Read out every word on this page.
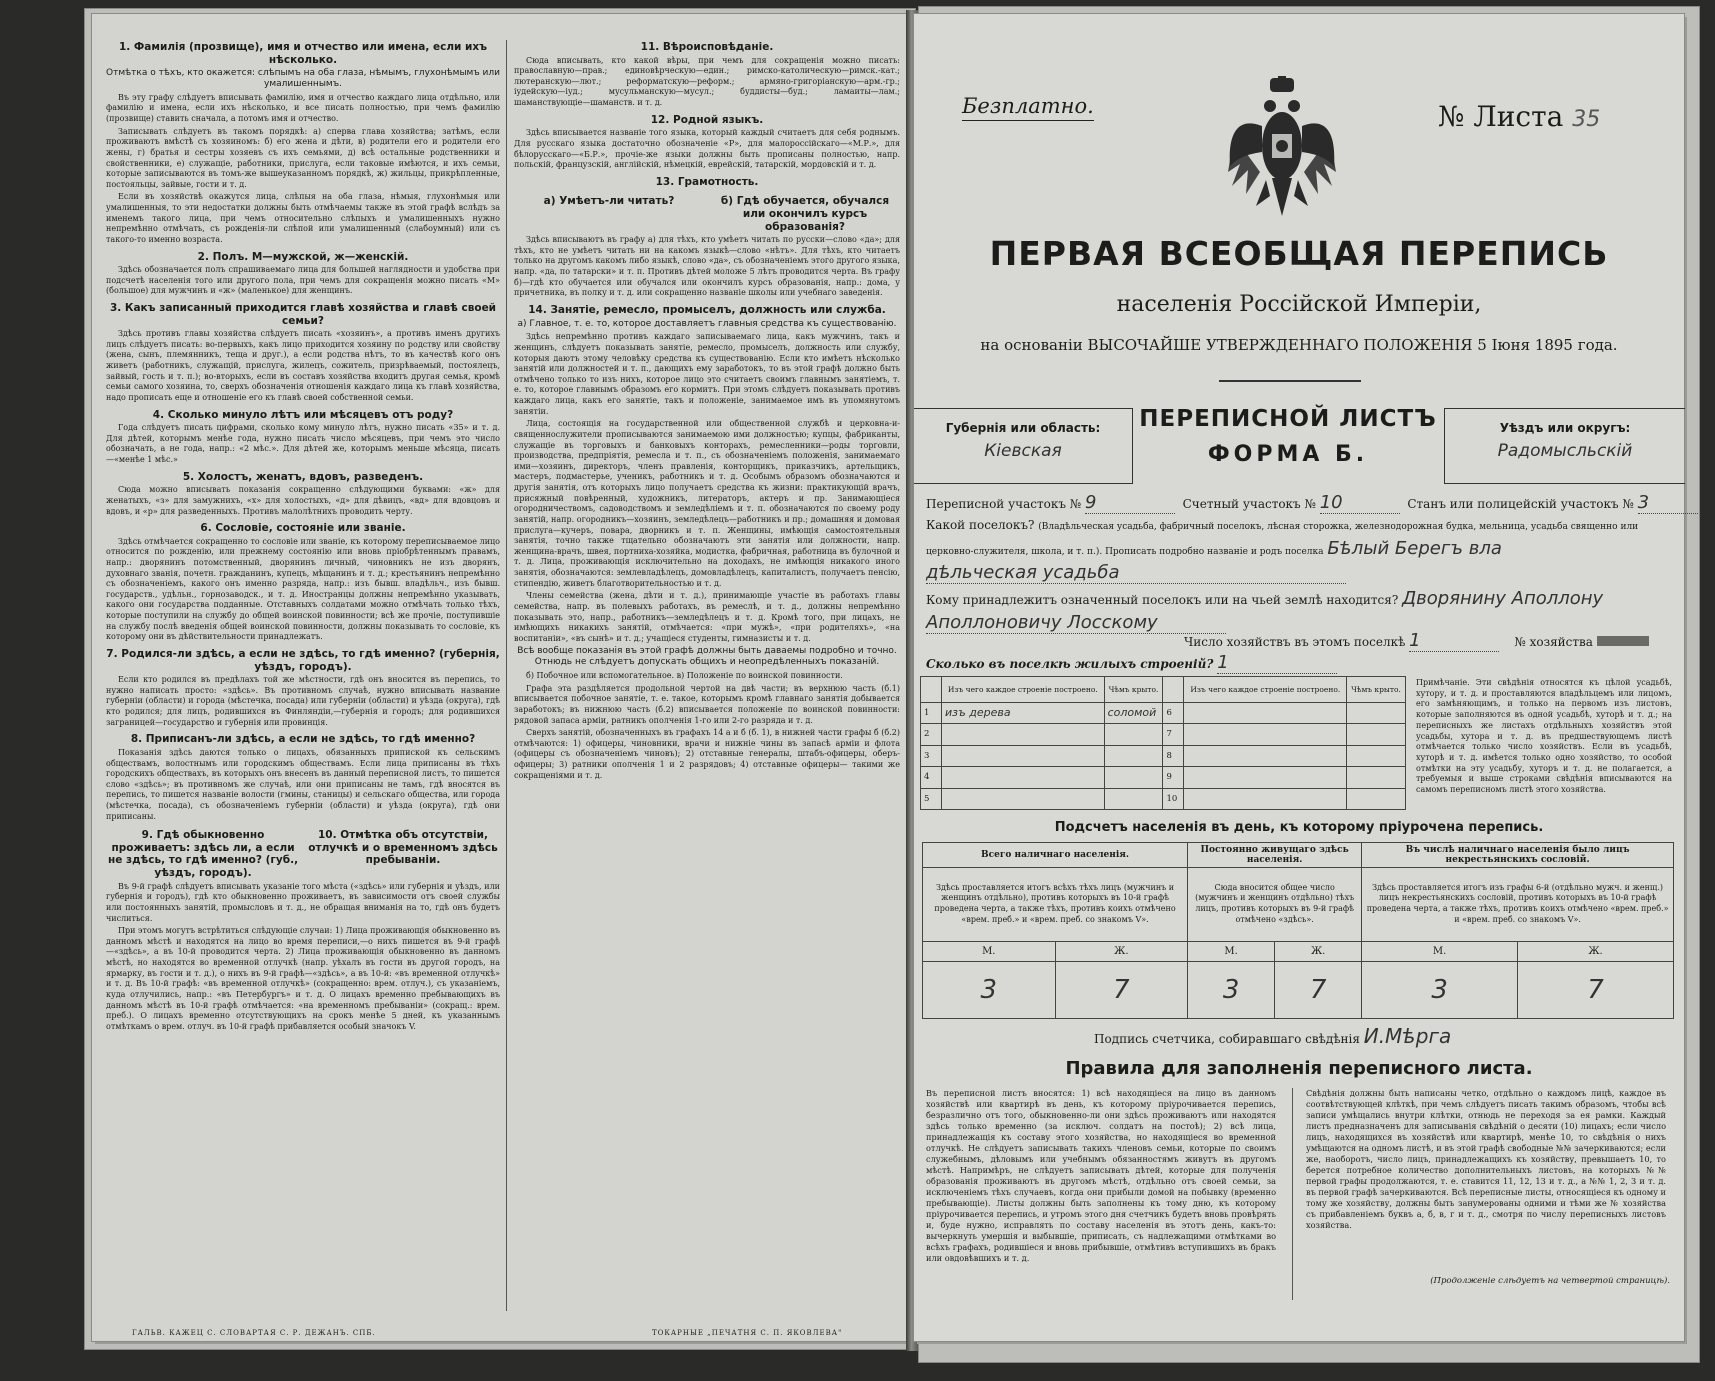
1. Фамилія (прозвище), имя и отчество или имена, если ихъ нѣсколько.
Отмѣтка о тѣхъ, кто окажется: слѣпымъ на оба глаза, нѣмымъ, глухонѣмымъ или умалишеннымъ.
Въ эту графу слѣдуетъ вписывать фамилію, имя и отчество каждаго лица отдѣльно, или фамилію и имена, если ихъ нѣсколько, и все писать полностью, при чемъ фамилію (прозвище) ставить сначала, а потомъ имя и отчество.
Записывать слѣдуетъ въ такомъ порядкѣ: а) сперва глава хозяйства; затѣмъ, если проживаютъ вмѣстѣ съ хозяиномъ: б) его жена и дѣти, в) родители его и родители его жены, г) братья и сестры хозяевъ съ ихъ семьями, д) всѣ остальные родственники и свойственники, е) служащіе, работники, прислуга, если таковые имѣются, и ихъ семьи, которые записываются въ томъ-же вышеуказанномъ порядкѣ, ж) жильцы, прикрѣпленные, постояльцы, зайвые, гости и т. д.
Если въ хозяйствѣ окажутся лица, слѣпыя на оба глаза, нѣмыя, глухонѣмыя или умалишенныя, то эти недостатки должны быть отмѣчаемы также въ этой графѣ вслѣдъ за именемъ такого лица, при чемъ относительно слѣпыхъ и умалишенныхъ нужно непремѣнно отмѣчать, съ рожденія-ли слѣпой или умалишенный (слабоумный) или съ такого-то именно возраста.
2. Полъ. М—мужской, ж—женскій.
Здѣсь обозначается полъ спрашиваемаго лица для большей наглядности и удобства при подсчетѣ населенія того или другого пола, при чемъ для сокращенія можно писать «М» (большое) для мужчинъ и «ж» (маленькое) для женщинъ.
3. Какъ записанный приходится главѣ хозяйства и главѣ своей семьи?
Здѣсь противъ главы хозяйства слѣдуетъ писать «хозяинъ», а противъ именъ другихъ лицъ слѣдуетъ писать: во-первыхъ, какъ лицо приходится хозяину по родству или свойству (жена, сынъ, племянникъ, теща и друг.), а если родства нѣтъ, то въ качествѣ кого онъ живетъ (работникъ, служащій, прислуга, жилецъ, сожитель, призрѣваемый, постоялецъ, зайвый, гость и т. п.); во-вторыхъ, если въ составъ хозяйства входитъ другая семья, кромѣ семьи самого хозяина, то, сверхъ обозначенія отношенія каждаго лица къ главѣ хозяйства, надо прописать еще и отношеніе его къ главѣ своей собственной семьи.
4. Сколько минуло лѣтъ или мѣсяцевъ отъ роду?
Года слѣдуетъ писать цифрами, сколько кому минуло лѣтъ, нужно писать «35» и т. д. Для дѣтей, которымъ менѣе года, нужно писать число мѣсяцевъ, при чемъ это число обозначать, а не года, напр.: «2 мѣс.». Для дѣтей же, которымъ меньше мѣсяца, писать—«менѣе 1 мѣс.»
5. Холостъ, женатъ, вдовъ, разведенъ.
Сюда можно вписывать показанія сокращенно слѣдующими буквами: «ж» для женатыхъ, «з» для замужнихъ, «х» для холостыхъ, «д» для дѣвицъ, «вд» для вдовцовъ и вдовъ, и «р» для разведенныхъ. Противъ малолѣтнихъ проводить черту.
6. Сословіе, состояніе или званіе.
Здѣсь отмѣчается сокращенно то сословіе или званіе, къ которому переписываемое лицо относится по рожденію, или прежнему состоянію или вновь пріобрѣтеннымъ правамъ, напр.: дворянинъ потомственный, дворянинъ личный, чиновникъ не изъ дворянъ, духовнаго званія, почетн. гражданинъ, купецъ, мѣщанинъ и т. д.; крестьянинъ непремѣнно съ обозначеніемъ, какого онъ именно разряда, напр.: изъ бывш. владѣльч., изъ бывш. государств., удѣльн., горнозаводск., и т. д. Иностранцы должны непремѣнно указывать, какого они государства подданные. Отставныхъ солдатами можно отмѣчать только тѣхъ, которые поступили на службу до общей воинской повинности; всѣ же прочіе, поступившіе на службу послѣ введенія общей воинской повинности, должны показывать то сословіе, къ которому они въ дѣйствительности принадлежатъ.
7. Родился-ли здѣсь, а если не здѣсь, то гдѣ именно? (губернія, уѣздъ, городъ).
Если кто родился въ предѣлахъ той же мѣстности, гдѣ онъ вносится въ перепись, то нужно написать просто: «здѣсь». Въ противномъ случаѣ, нужно вписывать название губерніи (области) и города (мѣстечка, посада) или губерніи (области) и уѣзда (округа), гдѣ кто родился; для лицъ, родившихся въ Финляндіи,—губернія и городъ; для родившихся заграницей—государство и губернія или провинція.
8. Приписанъ-ли здѣсь, а если не здѣсь, то гдѣ именно?
Показанія здѣсь даются только о лицахъ, обязанныхъ припиской къ сельскимъ обществамъ, волостнымъ или городскимъ обществамъ. Если лица приписаны въ тѣхъ городскихъ обществахъ, въ которыхъ онъ внесенъ въ данный переписной листъ, то пишется слово «здѣсь»; въ противномъ же случаѣ, или они приписаны не тамъ, гдѣ вносятся въ перепись, то пишется названіе волости (гмины, станицы) и сельскаго общества, или города (мѣстечка, посада), съ обозначеніемъ губерніи (области) и уѣзда (округа), гдѣ они приписаны.
9. Гдѣ обыкновенно проживаетъ: здѣсь ли, а если не здѣсь, то гдѣ именно? (губ., уѣздъ, городъ).
10. Отмѣтка объ отсутствіи, отлучкѣ и о временномъ здѣсь пребываніи.
Въ 9-й графѣ слѣдуетъ вписывать указаніе того мѣста («здѣсь» или губернія и уѣздъ, или губернія и городъ), гдѣ кто обыкновенно проживаетъ, въ зависимости отъ своей службы или постоянныхъ занятій, промысловъ и т. д., не обращая вниманія на то, гдѣ онъ будетъ числиться.
При этомъ могутъ встрѣтиться слѣдующіе случаи: 1) Лица проживающія обыкновенно въ данномъ мѣстѣ и находятся на лицо во время переписи,—о нихъ пишется въ 9-й графѣ—«здѣсь», а въ 10-й проводится черта. 2) Лица проживающія обыкновенно въ данномъ мѣстѣ, но находятся во временной отлучкѣ (напр. уѣхалъ въ гости въ другой городъ, на ярмарку, въ гости и т. д.), о нихъ въ 9-й графѣ—«здѣсь», а въ 10-й: «въ временной отлучкѣ» и т. д. Въ 10-й графѣ: «въ временной отлучкѣ» (сокращенно: врем. отлуч.), съ указаніемъ, куда отлучились, напр.: «въ Петербургъ» и т. д. О лицахъ временно пребывающихъ въ данномъ мѣстѣ въ 10-й графѣ отмѣчается: «на временномъ пребываніи» (сокращ.: врем. преб.). О лицахъ временно отсутствующихъ на срокъ менѣе 5 дней, къ указаннымъ отмѣткамъ о врем. отлуч. въ 10-й графѣ прибавляется особый значокъ V.
11. Вѣроисповѣданіе.
Сюда вписывать, кто какой вѣры, при чемъ для сокращенія можно писать: православную—прав.; единовѣрческую—един.; римско-католическую—римск.-кат.; лютеранскую—лют.; реформатскую—реформ.; армяно-григоріанскую—арм.-гр.; іудейскую—іуд.; мусульманскую—мусул.; буддисты—буд.; ламаиты—лам.; шаманствующіе—шаманств. и т. д.
12. Родной языкъ.
Здѣсь вписывается названіе того языка, который каждый считаетъ для себя роднымъ. Для русскаго языка достаточно обозначеніе «Р», для малороссійскаго—«М.Р.», для бѣлорусскаго—«Б.Р.», прочіе-же языки должны быть прописаны полностью, напр. польскій, французскій, англійскій, нѣмецкій, еврейскій, татарскій, мордовскій и т. д.
13. Грамотность.
а) Умѣетъ-ли читать?	б) Гдѣ обучается, обучался или окончилъ курсъ образованія?
Здѣсь вписываютъ въ графу а) для тѣхъ, кто умѣетъ читать по русски—слово «да»; для тѣхъ, кто не умѣетъ читать ни на какомъ языкѣ—слово «нѣтъ». Для тѣхъ, кто читаетъ только на другомъ какомъ либо языкѣ, слово «да», съ обозначеніемъ этого другого языка, напр. «да, по татарски» и т. п. Противъ дѣтей моложе 5 лѣтъ проводится черта. Въ графу б)—гдѣ кто обучается или обучался или окончилъ курсъ образованія, напр.: дома, у причетника, въ полку и т. д. или сокращенно названіе школы или учебнаго заведенія.
14. Занятіе, ремесло, промыселъ, должность или служба.
а) Главное, т. е. то, которое доставляетъ главныя средства къ существованію.
Здѣсь непремѣнно противъ каждаго записываемаго лица, какъ мужчинъ, такъ и женщинъ, слѣдуетъ показывать занятіе, ремесло, промыселъ, должность или службу, которыя даютъ этому человѣку средства къ существованію. Если кто имѣетъ нѣсколько занятій или должностей и т. п., дающихъ ему заработокъ, то въ этой графѣ должно быть отмѣчено только то изъ нихъ, которое лицо это считаетъ своимъ главнымъ занятіемъ, т. е. то, которое главнымъ образомъ его кормитъ. При этомъ слѣдуетъ показывать противъ каждаго лица, какъ его занятіе, такъ и положеніе, занимаемое имъ въ упомянутомъ занятіи.
Лица, состоящія на государственной или общественной службѣ и церковна-и-священнослужители прописываются занимаемою ими должностью; купцы, фабриканты, служащіе въ торговыхъ и банковыхъ конторахъ, ремесленники—роды торговли, производства, предпріятія, ремесла и т. п., съ обозначеніемъ положенія, занимаемаго ими—хозяинъ, директоръ, членъ правленія, конторщикъ, приказчикъ, артельщикъ, мастеръ, подмастерье, ученикъ, работникъ и т. д. Особымъ образомъ обозначаются и другія занятія, отъ которыхъ лицо получаетъ средства къ жизни: практикующій врачъ, присяжный повѣренный, художникъ, литераторъ, актеръ и пр. Занимающіеся огородничествомъ, садоводствомъ и земледѣліемъ и т. п. обозначаются по своему роду занятій, напр. огородникъ—хозяинъ, земледѣлецъ—работникъ и пр.; домашняя и домовая прислуга—кучеръ, повара, дворникъ и т. п. Женщины, имѣющія самостоятельныя занятія, точно также тщательно обозначаютъ эти занятія или должности, напр. женщина-врачъ, швея, портниха-хозяйка, модистка, фабричная, работница въ булочной и т. д. Лица, проживающія исключительно на доходахъ, не имѣющія никакого иного занятія, обозначаются: землевладѣлецъ, домовладѣлецъ, капиталистъ, получаетъ пенсію, стипендію, живетъ благотворительностью и т. д.
Члены семейства (жена, дѣти и т. д.), принимающіе участіе въ работахъ главы семейства, напр. въ полевыхъ работахъ, въ ремеслѣ, и т. д., должны непремѣнно показывать это, напр., работникъ—земледѣлецъ и т. д. Кромѣ того, при лицахъ, не имѣющихъ никакихъ занятій, отмѣчается: «при мужѣ», «при родителяхъ», «на воспитаніи», «въ сынѣ» и т. д.; учащіеся студенты, гимназисты и т. д.
Всѣ вообще показанія въ этой графѣ должны быть даваемы подробно и точно. Отнюдь не слѣдуетъ допускать общихъ и неопредѣленныхъ показаній.
б) Побочное или вспомогательное. в) Положеніе по воинской повинности.
Графа эта раздѣляется продольной чертой на двѣ части; въ верхнюю часть (б.1) вписывается побочное занятіе, т. е. такое, которымъ кромѣ главнаго занятія добывается заработокъ; въ нижнюю часть (б.2) вписывается положеніе по воинской повинности: рядовой запаса армiи, ратникъ ополченія 1-го или 2-го разряда и т. д.
Сверхъ занятій, обозначенныхъ въ графахъ 14 а и б (б. 1), в нижней части графы б (б.2) отмѣчаются: 1) офицеры, чиновники, врачи и нижніе чины въ запасѣ арміи и флота (офицеры съ обозначеніемъ чиновъ); 2) отставные генералы, штабъ-офицеры, оберъ-офицеры; 3) ратники ополченія 1 и 2 разрядовъ; 4) отставные офицеры— такими же сокращеніями и т. д.
ГАЛЬВ. КАЖЕЦ С. СЛОВАРТАЯ С. Р. ДЕЖАНЪ. СПБ.	ТОКАРНЫЕ „ПЕЧАТНЯ С. П. ЯКОВЛЕВА"
Безплатно.	№ Листа 35
ПЕРВАЯ ВСЕОБЩАЯ ПЕРЕПИСЬ
населенія Россійской Имперіи,
на основаніи ВЫСОЧАЙШЕ УТВЕРЖДЕННАГО ПОЛОЖЕНІЯ 5 Іюня 1895 года.
Губернія или область:
Кіевская
ПЕРЕПИСНОЙ ЛИСТЪ
ФОРМА Б.
Уѣздъ или округъ:
Радомысльскій
Переписной участокъ № 9	Счетный участокъ № 10	Станъ или полицейскій участокъ № 3
Какой поселокъ? (Владѣльческая усадьба, фабричный поселокъ, лѣсная сторожка, железнодорожная будка, мельница, усадьба священно или церковно-служителя, школа, и т. п.). Прописать подробно названіе и родъ поселка Бѣлый Берегъ вла
дѣльческая усадьба
Кому принадлежитъ означенный поселокъ или на чьей землѣ находится? Дворянину Аполлону
Аполлоновичу Лосскому
Число хозяйствъ въ этомъ поселкѣ 1	№ хозяйства
Сколько въ поселкѣ жилыхъ строеній? 1
	Изъ чего каждое строеніе построено.	Чѣмъ крыто.		Изъ чего каждое строеніе построено.	Чѣмъ крыто.
1	изъ дерева	соломой	6		
2			7		
3			8		
4			9		
5			10		
Примѣчаніе. Эти свѣдѣнія относятся къ цѣлой усадьбѣ, хутору, и т. д. и проставляются владѣльцемъ или лицомъ, его замѣняющимъ, и только на первомъ изъ листовъ, которые заполняются въ одной усадьбѣ, хуторѣ и т. д.; на переписныхъ же листахъ отдѣльныхъ хозяйствъ этой усадьбы, хутора и т. д. въ предшествующемъ листѣ отмѣчается только число хозяйствъ. Если въ усадьбѣ, хуторѣ и т. д. имѣется только одно хозяйство, то особой отмѣтки на эту усадьбу, хуторъ и т. д. не полагается, а требуемыя и выше строками свѣдѣнія вписываются на самомъ переписномъ листѣ этого хозяйства.
Подсчетъ населенія въ день, къ которому пріурочена перепись.
Всего наличнаго населенія.		Постоянно живущаго здѣсь населенія.		Въ числѣ наличнаго населенія было лицъ некрестьянскихъ сословій.	
Здѣсь проставляется итогъ всѣхъ тѣхъ лицъ (мужчинъ и женщинъ отдѣльно), противъ которыхъ въ 10-й графѣ проведена черта, а также тѣхъ, противъ коихъ отмѣчено «врем. преб.» и «врем. преб. со знакомъ V».		Сюда вносится общее число (мужчинъ и женщинъ отдѣльно) тѣхъ лицъ, противъ которыхъ въ 9-й графѣ отмѣчено «здѣсь».		Здѣсь проставляется итогъ изъ графы 6-й (отдѣльно мужч. и женщ.) лицъ некрестьянскихъ сословій, противъ которыхъ въ 10-й графѣ проведена черта, а также тѣхъ, противъ коихъ отмѣчено «врем. преб.» и «врем. преб. со знакомъ V».	
М.	Ж.	М.	Ж.	М.	Ж.
3	7	3	7	3	7
Подпись счетчика, собиравшаго свѣдѣнія И.Мѣрга
Правила для заполненія переписного листа.
Въ переписной листъ вносятся: 1) всѣ находящіеся на лицо въ данномъ хозяйствѣ или квартирѣ въ день, къ которому пріурочивается перепись, безразлично отъ того, обыкновенно-ли они здѣсь проживаютъ или находятся здѣсь только временно (за исключ. солдатъ на постоѣ); 2) всѣ лица, принадлежащія къ составу этого хозяйства, но находящіеся во временной отлучкѣ. Не слѣдуетъ записывать такихъ членовъ семьи, которые по своимъ служебнымъ, дѣловымъ или учебнымъ обязанностямъ живутъ въ другомъ мѣстѣ. Напримѣръ, не слѣдуетъ записывать дѣтей, которые для полученія образованія проживаютъ въ другомъ мѣстѣ, отдѣльно отъ своей семьи, за исключеніемъ тѣхъ случаевъ, когда они прибыли домой на побывку (временно пребывающіе). Листы должны быть заполнены къ тому дню, къ которому пріурочивается перепись, и утромъ этого дня счетчикъ будетъ вновь провѣрять и, буде нужно, исправлять по составу населенія въ этотъ день, какъ-то: вычеркнуть умершія и выбывшіе, приписать, съ надлежащими отмѣтками во всѣхъ графахъ, родившіеся и вновь прибывшіе, отмѣтивъ вступившихъ въ бракъ или овдовѣвшихъ и т. д.
Свѣдѣнія должны быть написаны четко, отдѣльно о каждомъ лицѣ, каждое въ соотвѣтствующей клѣткѣ, при чемъ слѣдуетъ писать такимъ образомъ, чтобы всѣ записи умѣщались внутри клѣтки, отнюдь не переходя за ея рамки. Каждый листъ предназначенъ для записыванія свѣдѣній о десяти (10) лицахъ; если число лицъ, находящихся въ хозяйствѣ или квартирѣ, менѣе 10, то свѣдѣнія о нихъ умѣщаются на одномъ листѣ, и въ этой графѣ свободные №№ зачеркиваются; если же, наоборотъ, число лицъ, принадлежащихъ къ хозяйству, превышаетъ 10, то берется потребное количество дополнительныхъ листовъ, на которыхъ №№ первой графы продолжаются, т. е. ставится 11, 12, 13 и т. д., а №№ 1, 2, 3 и т. д. въ первой графѣ зачеркиваются. Всѣ переписные листы, относящіеся къ одному и тому же хозяйству, должны быть занумерованы одними и тѣми же № хозяйства съ прибавленіемъ буквъ а, б, в, г и т. д., смотря по числу переписныхъ листовъ хозяйства.
(Продолженіе слѣдуетъ на четвертой страницѣ).
